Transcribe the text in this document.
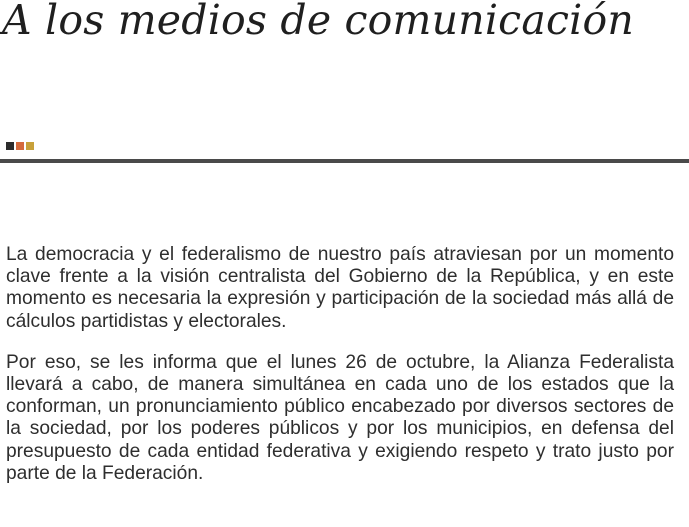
A los medios de comunicación

La democracia y el federalismo de nuestro país atraviesan por un momento clave frente a la visión centralista del Gobierno de la República, y en este momento es necesaria la expresión y participación de la sociedad más allá de cálculos partidistas y electorales.

Por eso, se les informa que el lunes 26 de octubre, la Alianza Federalista llevará a cabo, de manera simultánea en cada uno de los estados que la conforman, un pronunciamiento público encabezado por diversos sectores de la sociedad, por los poderes públicos y por los municipios, en defensa del presupuesto de cada entidad federativa y exigiendo respeto y trato justo por parte de la Federación.
